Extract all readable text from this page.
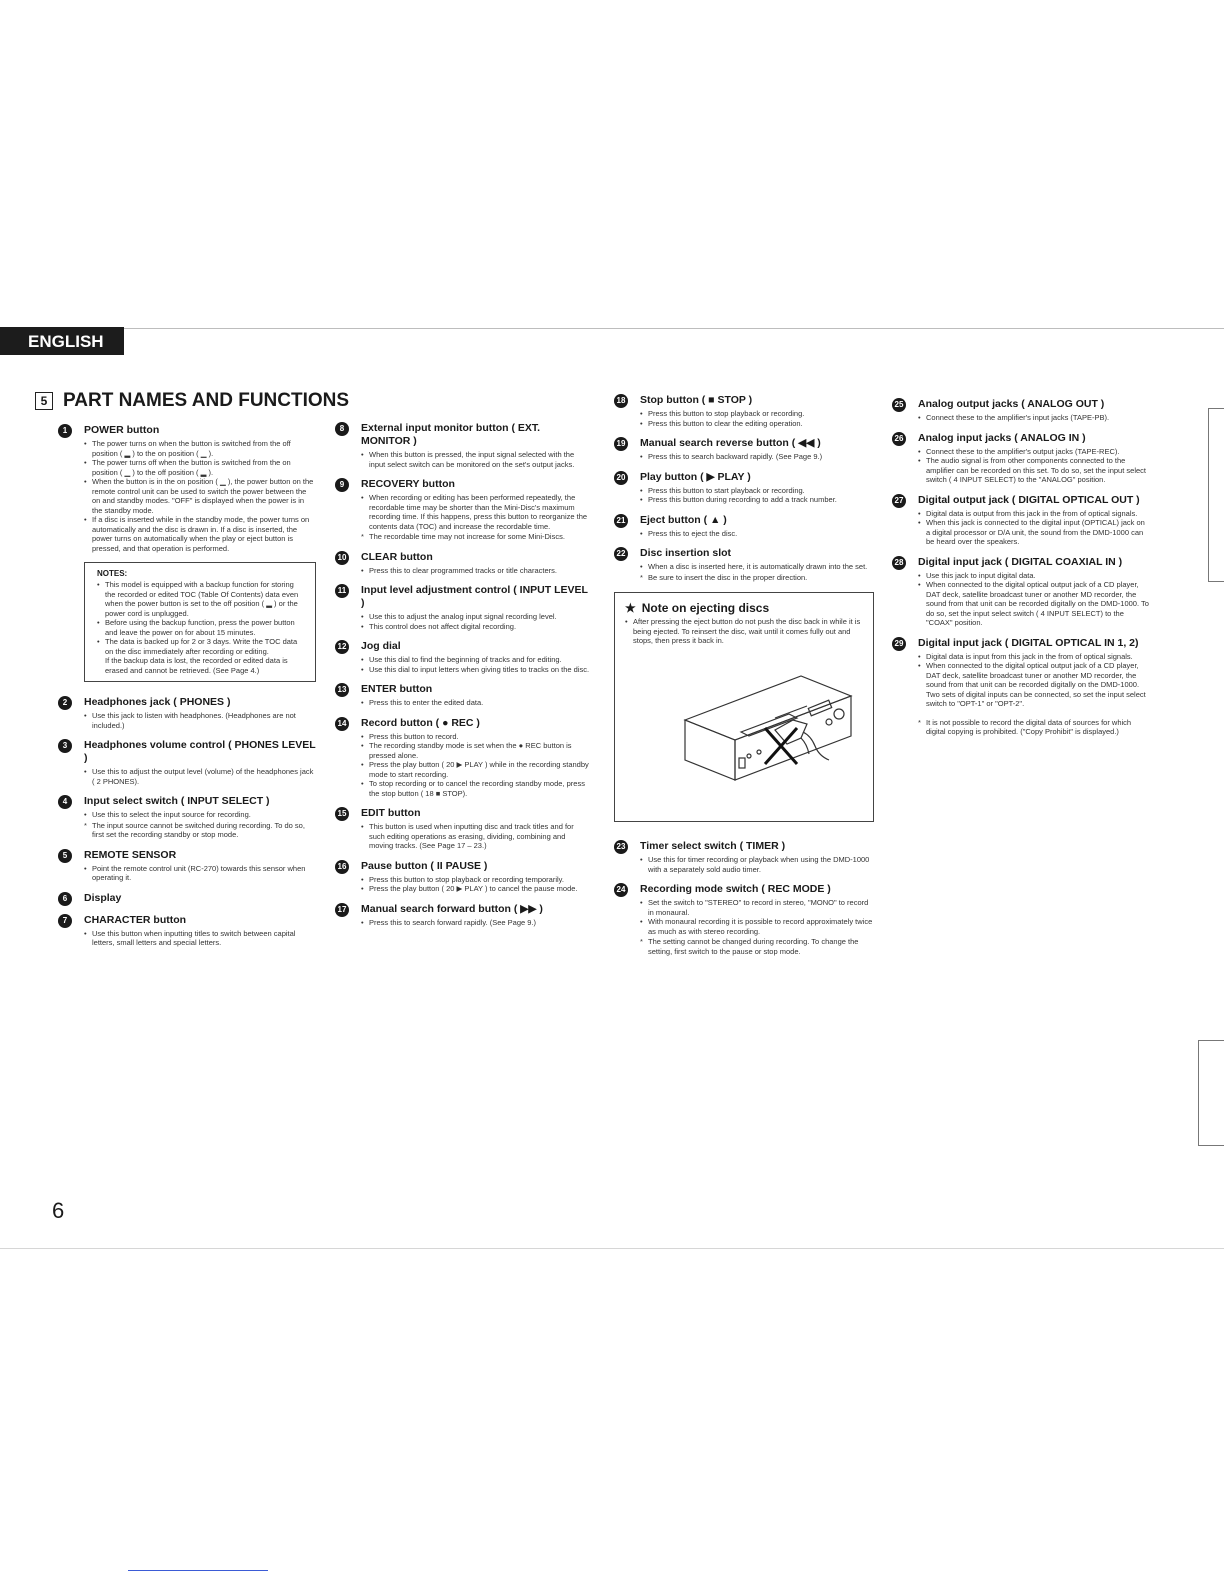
ENGLISH
5 PART NAMES AND FUNCTIONS
1	POWER button
• The power turns on when the button is switched from the off position ( ▂ ) to the on position ( ▁ ).
• The power turns off when the button is switched from the on position ( ▁ ) to the off position ( ▂ ).
• When the button is in the on position ( ▁ ), the power button on the remote control unit can be used to switch the power between the on and standby modes. "OFF" is displayed when the power is in the standby mode.
• If a disc is inserted while in the standby mode, the power turns on automatically and the disc is drawn in. If a disc is inserted, the power turns on automatically when the play or eject button is pressed, and that operation is performed.
NOTES:
• This model is equipped with a backup function for storing the recorded or edited TOC (Table Of Contents) data even when the power button is set to the off position ( ▂ ) or the power cord is unplugged.
• Before using the backup function, press the power button and leave the power on for about 15 minutes.
• The data is backed up for 2 or 3 days. Write the TOC data on the disc immediately after recording or editing.
If the backup data is lost, the recorded or edited data is erased and cannot be retrieved. (See Page 4.)
2	Headphones jack ( PHONES )
• Use this jack to listen with headphones. (Headphones are not included.)
3	Headphones volume control ( PHONES LEVEL )
• Use this to adjust the output level (volume) of the headphones jack ( 2 PHONES).
4	Input select switch ( INPUT SELECT )
• Use this to select the input source for recording.
* The input source cannot be switched during recording. To do so, first set the recording standby or stop mode.
5	REMOTE SENSOR
• Point the remote control unit (RC-270) towards this sensor when operating it.
6	Display
7	CHARACTER button
• Use this button when inputting titles to switch between capital letters, small letters and special letters.
8	External input monitor button ( EXT. MONITOR )
• When this button is pressed, the input signal selected with the input select switch can be monitored on the set's output jacks.
9	RECOVERY button
• When recording or editing has been performed repeatedly, the recordable time may be shorter than the Mini-Disc's maximum recording time. If this happens, press this button to reorganize the contents data (TOC) and increase the recordable time.
* The recordable time may not increase for some Mini-Discs.
10 CLEAR button
• Press this to clear programmed tracks or title characters.
11 Input level adjustment control ( INPUT LEVEL )
• Use this to adjust the analog input signal recording level.
• This control does not affect digital recording.
12 Jog dial
• Use this dial to find the beginning of tracks and for editing.
• Use this dial to input letters when giving titles to tracks on the disc.
13 ENTER button
• Press this to enter the edited data.
14 Record button ( ● REC )
• Press this button to record.
• The recording standby mode is set when the ● REC button is pressed alone.
• Press the play button ( 20 ▶ PLAY ) while in the recording standby mode to start recording.
• To stop recording or to cancel the recording standby mode, press the stop button ( 18 ■ STOP).
15 EDIT button
• This button is used when inputting disc and track titles and for such editing operations as erasing, dividing, combining and moving tracks. (See Page 17 – 23.)
16 Pause button ( II PAUSE )
• Press this button to stop playback or recording temporarily.
• Press the play button ( 20 ▶ PLAY ) to cancel the pause mode.
17 Manual search forward button ( ▶▶ )
• Press this to search forward rapidly. (See Page 9.)
18 Stop button ( ■ STOP )
• Press this button to stop playback or recording.
• Press this button to clear the editing operation.
19 Manual search reverse button ( ◀◀ )
• Press this to search backward rapidly. (See Page 9.)
20 Play button ( ▶ PLAY )
• Press this button to start playback or recording.
• Press this button during recording to add a track number.
21 Eject button ( ▲ )
• Press this to eject the disc.
22 Disc insertion slot
• When a disc is inserted here, it is automatically drawn into the set.
* Be sure to insert the disc in the proper direction.
★ Note on ejecting discs
• After pressing the eject button do not push the disc back in while it is being ejected. To reinsert the disc, wait until it comes fully out and stops, then press it back in.
23 Timer select switch ( TIMER )
• Use this for timer recording or playback when using the DMD-1000 with a separately sold audio timer.
24 Recording mode switch ( REC MODE )
• Set the switch to "STEREO" to record in stereo, "MONO" to record in monaural.
• With monaural recording it is possible to record approximately twice as much as with stereo recording.
* The setting cannot be changed during recording. To change the setting, first switch to the pause or stop mode.
25 Analog output jacks ( ANALOG OUT )
• Connect these to the amplifier's input jacks (TAPE-PB).
26 Analog input jacks ( ANALOG IN )
• Connect these to the amplifier's output jacks (TAPE-REC).
• The audio signal is from other components connected to the amplifier can be recorded on this set. To do so, set the input select switch ( 4 INPUT SELECT) to the "ANALOG" position.
27 Digital output jack ( DIGITAL OPTICAL OUT )
• Digital data is output from this jack in the from of optical signals.
• When this jack is connected to the digital input (OPTICAL) jack on a digital processor or D/A unit, the sound from the DMD-1000 can be heard over the speakers.
28 Digital input jack ( DIGITAL COAXIAL IN )
• Use this jack to input digital data.
• When connected to the digital optical output jack of a CD player, DAT deck, satellite broadcast tuner or another MD recorder, the sound from that unit can be recorded digitally on the DMD-1000. To do so, set the input select switch ( 4 INPUT SELECT) to the "COAX" position.
29 Digital input jack ( DIGITAL OPTICAL IN 1, 2)
• Digital data is input from this jack in the from of optical signals.
• When connected to the digital optical output jack of a CD player, DAT deck, satellite broadcast tuner or another MD recorder, the sound from that unit can be recorded digitally on the DMD-1000. Two sets of digital inputs can be connected, so set the input select switch to "OPT-1" or "OPT-2".
* It is not possible to record the digital data of sources for which digital copying is prohibited. ("Copy Prohibit" is displayed.)
6
